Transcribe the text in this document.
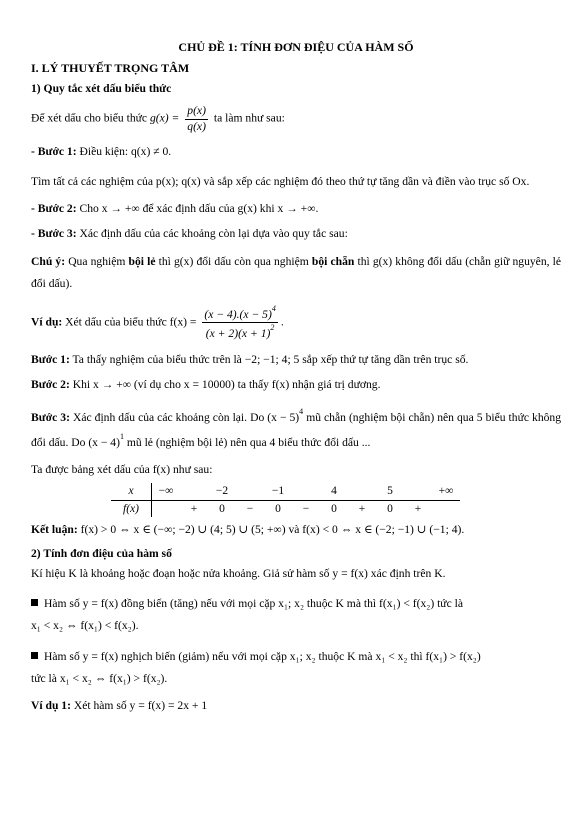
CHỦ ĐỀ 1: TÍNH ĐƠN ĐIỆU CỦA HÀM SỐ
I. LÝ THUYẾT TRỌNG TÂM
1) Quy tắc xét dấu biểu thức

Để xét dấu cho biểu thức $g(x) = \frac{p(x)}{q(x)}$ ta làm như sau:

- Bước 1: Điều kiện: q(x) ≠ 0.

Tìm tất cả các nghiệm của p(x); q(x) và sắp xếp các nghiệm đó theo thứ tự tăng dần và điền vào trục số Ox.

- Bước 2: Cho x → +∞ để xác định dấu của g(x) khi x → +∞.

- Bước 3: Xác định dấu của các khoảng còn lại dựa vào quy tắc sau:

Chú ý: Qua nghiệm bội lẻ thì g(x) đổi dấu còn qua nghiệm bội chẵn thì g(x) không đổi dấu (chẵn giữ nguyên, lẻ đổi dấu).

Ví dụ: Xét dấu của biểu thức $f(x) = \frac{(x - 4).(x - 5)^4}{(x + 2)(x + 1)^2}$ .

Bước 1: Ta thấy nghiệm của biểu thức trên là −2; −1; 4; 5 sắp xếp thứ tự tăng dần trên trục số.

Bước 2: Khi x → +∞ (ví dụ cho x = 10000) ta thấy f(x) nhận giá trị dương.

Bước 3: Xác định dấu của các khoảng còn lại. Do $(x - 5)^4$ mũ chẵn (nghiệm bội chẵn) nên qua 5 biểu thức không đổi dấu. Do $(x - 4)^1$ mũ lẻ (nghiệm bội lẻ) nên qua 4 biểu thức đổi dấu ...

Ta được bảng xét dấu của f(x) như sau:

x	−∞		−2		−1		4		5		+∞
f(x)		+	0	−	0	−	0	+	0	+	

Kết luận: f(x) > 0 ⇔ x ∈ (−∞; −2) ∪ (4; 5) ∪ (5; +∞) và f(x) < 0 ⇔ x ∈ (−2; −1) ∪ (−1; 4).

2) Tính đơn điệu của hàm số

Kí hiệu K là khoảng hoặc đoạn hoặc nửa khoảng. Giả sử hàm số y = f(x) xác định trên K.

Hàm số y = f(x) đồng biến (tăng) nếu với mọi cặp x₁; x₂ thuộc K mà thì f(x₁) < f(x₂) tức là
x₁ < x₂ ⇔ f(x₁) < f(x₂).

Hàm số y = f(x) nghịch biến (giảm) nếu với mọi cặp x₁; x₂ thuộc K mà x₁ < x₂ thì f(x₁) > f(x₂)
tức là x₁ < x₂ ⇔ f(x₁) > f(x₂).

Ví dụ 1: Xét hàm số y = f(x) = 2x + 1
